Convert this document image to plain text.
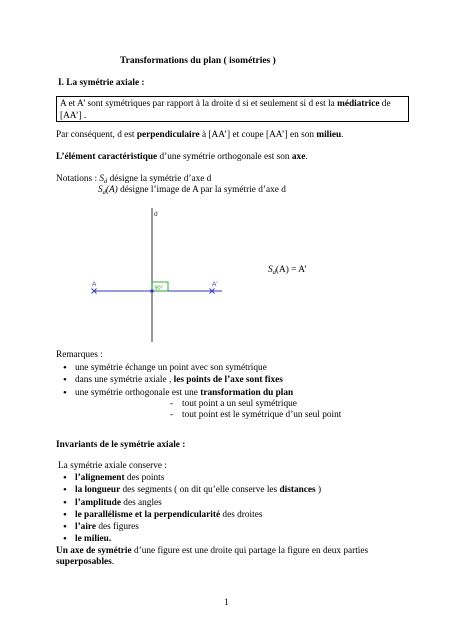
Transformations du plan ( isométries )
I. La symétrie axiale :
A et A’ sont symétriques par rapport à la droite d si et seulement si d est la médiatrice de [AA’] .
Par conséquent, d est perpendiculaire à [AA’] et coupe [AA’] en son milieu.
L’élément caractéristique d’une symétrie orthogonale est son axe.
Notations : $S_d$ désigne la symétrie d’axe d
$S_d(A)$ désigne l’image de A par la symétrie d’axe d
90°
d
A	A'
$S_d(A) = A$’
Remarques :
• une symétrie échange un point avec son symétrique
• dans une symétrie axiale , les points de l’axe sont fixes
• une symétrie orthogonale est une transformation du plan
- tout point a un seul symétrique
- tout point est le symétrique d’un seul point
Invariants de le symétrie axiale :
La symétrie axiale conserve :
• l’alignement des points
• la longueur des segments ( on dit qu’elle conserve les distances )
• l’amplitude des angles
• le parallélisme et la perpendicularité des droites
• l’aire des figures
• le milieu.
Un axe de symétrie d’une figure est une droite qui partage la figure en deux parties
superposables.
1
